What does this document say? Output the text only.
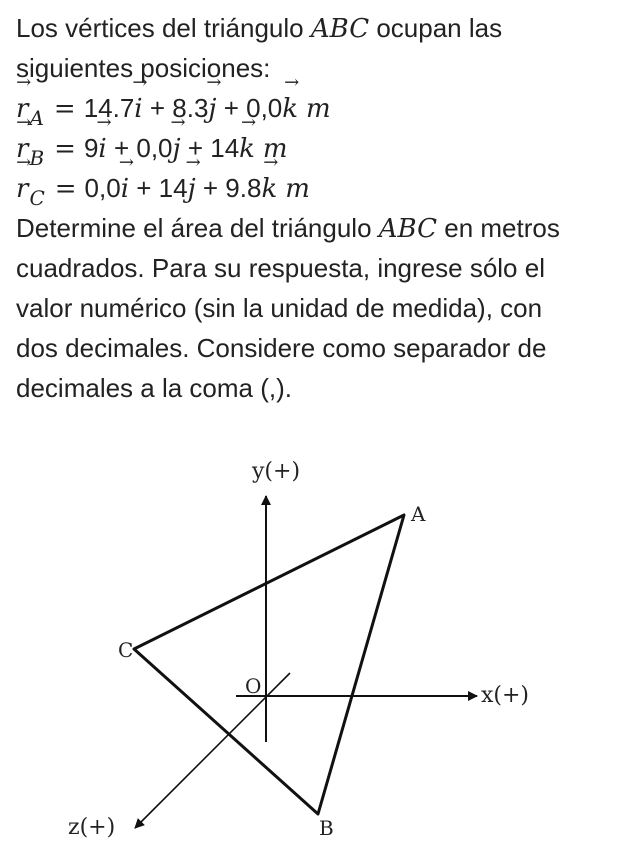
Los vértices del triángulo ABC ocupan las
siguientes posiciones:
→ $r_A = 14.7\to i + 8.3\to j + 0,0\to k$ m
→ $r_B = 9\to i + 0,0\to j + 14\to k$ m
→ $r_C = 0,0\to i + 14\to j + 9.8\to k$ m
Determine el área del triángulo ABC en metros
cuadrados. Para su respuesta, ingrese sólo el
valor numérico (sin la unidad de medida), con
dos decimales. Considere como separador de
decimales a la coma (,).
y(+)
x(+)
z(+)
O
A
B
C
